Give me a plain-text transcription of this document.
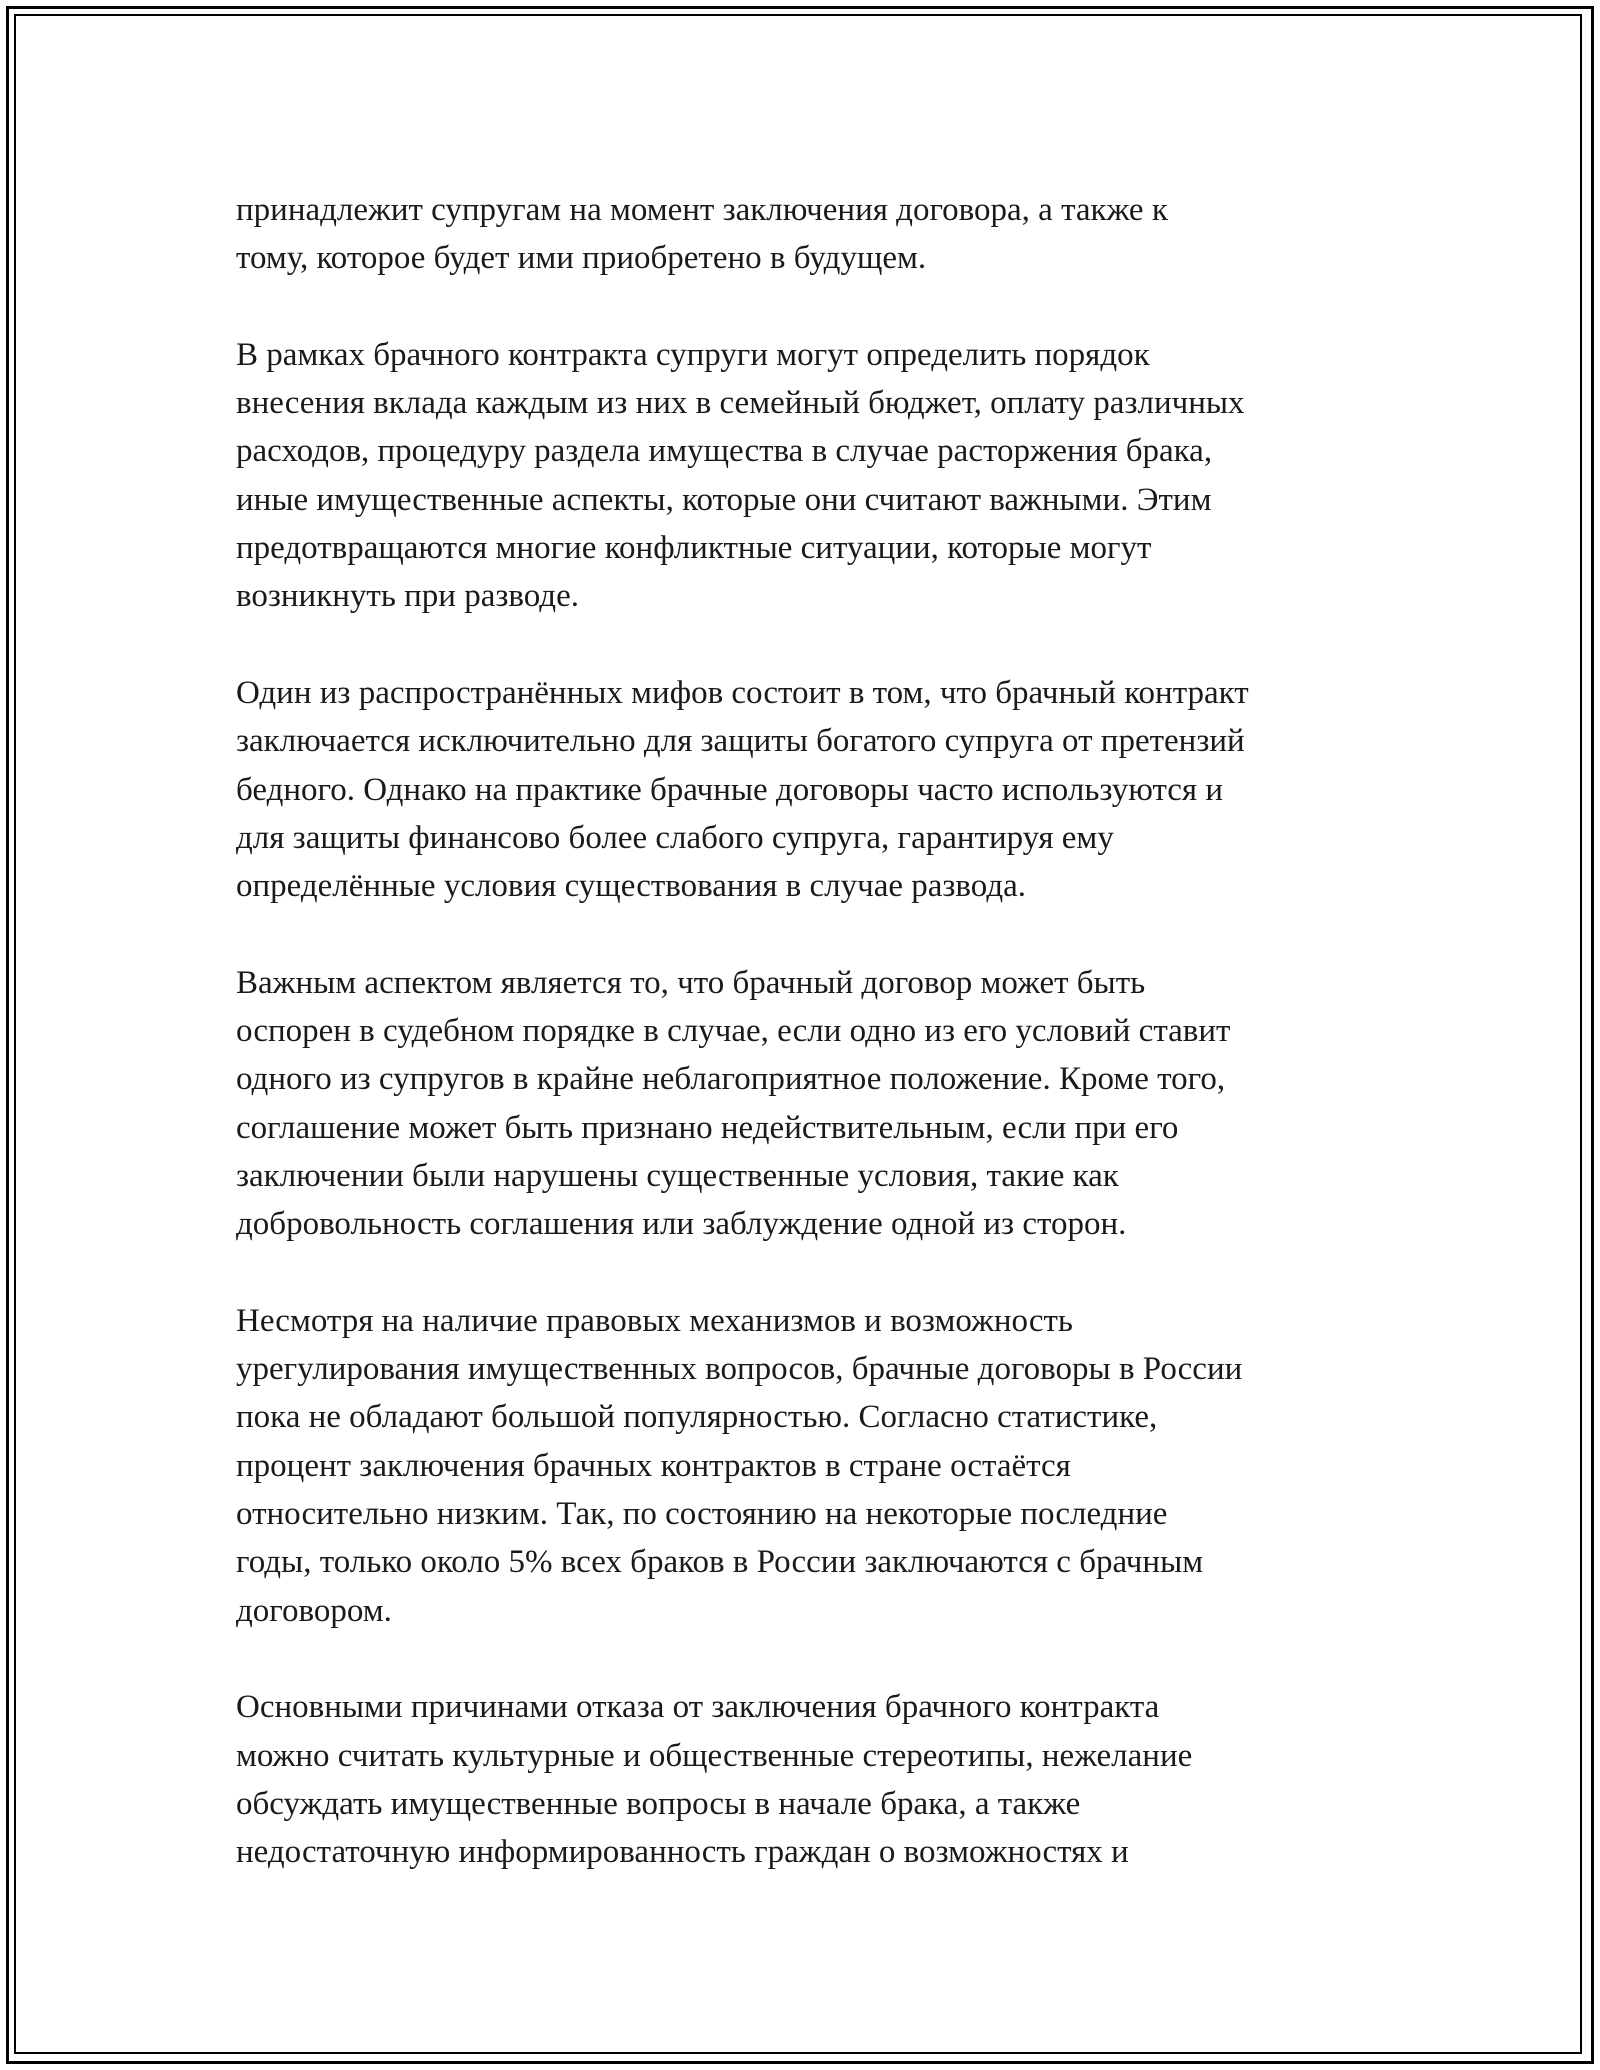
принадлежит супругам на момент заключения договора, а также к
тому, которое будет ими приобретено в будущем.

В рамках брачного контракта супруги могут определить порядок
внесения вклада каждым из них в семейный бюджет, оплату различных
расходов, процедуру раздела имущества в случае расторжения брака,
иные имущественные аспекты, которые они считают важными. Этим
предотвращаются многие конфликтные ситуации, которые могут
возникнуть при разводе.

Один из распространённых мифов состоит в том, что брачный контракт
заключается исключительно для защиты богатого супруга от претензий
бедного. Однако на практике брачные договоры часто используются и
для защиты финансово более слабого супруга, гарантируя ему
определённые условия существования в случае развода.

Важным аспектом является то, что брачный договор может быть
оспорен в судебном порядке в случае, если одно из его условий ставит
одного из супругов в крайне неблагоприятное положение. Кроме того,
соглашение может быть признано недействительным, если при его
заключении были нарушены существенные условия, такие как
добровольность соглашения или заблуждение одной из сторон.

Несмотря на наличие правовых механизмов и возможность
урегулирования имущественных вопросов, брачные договоры в России
пока не обладают большой популярностью. Согласно статистике,
процент заключения брачных контрактов в стране остаётся
относительно низким. Так, по состоянию на некоторые последние
годы, только около 5% всех браков в России заключаются с брачным
договором.

Основными причинами отказа от заключения брачного контракта
можно считать культурные и общественные стереотипы, нежелание
обсуждать имущественные вопросы в начале брака, а также
недостаточную информированность граждан о возможностях и
